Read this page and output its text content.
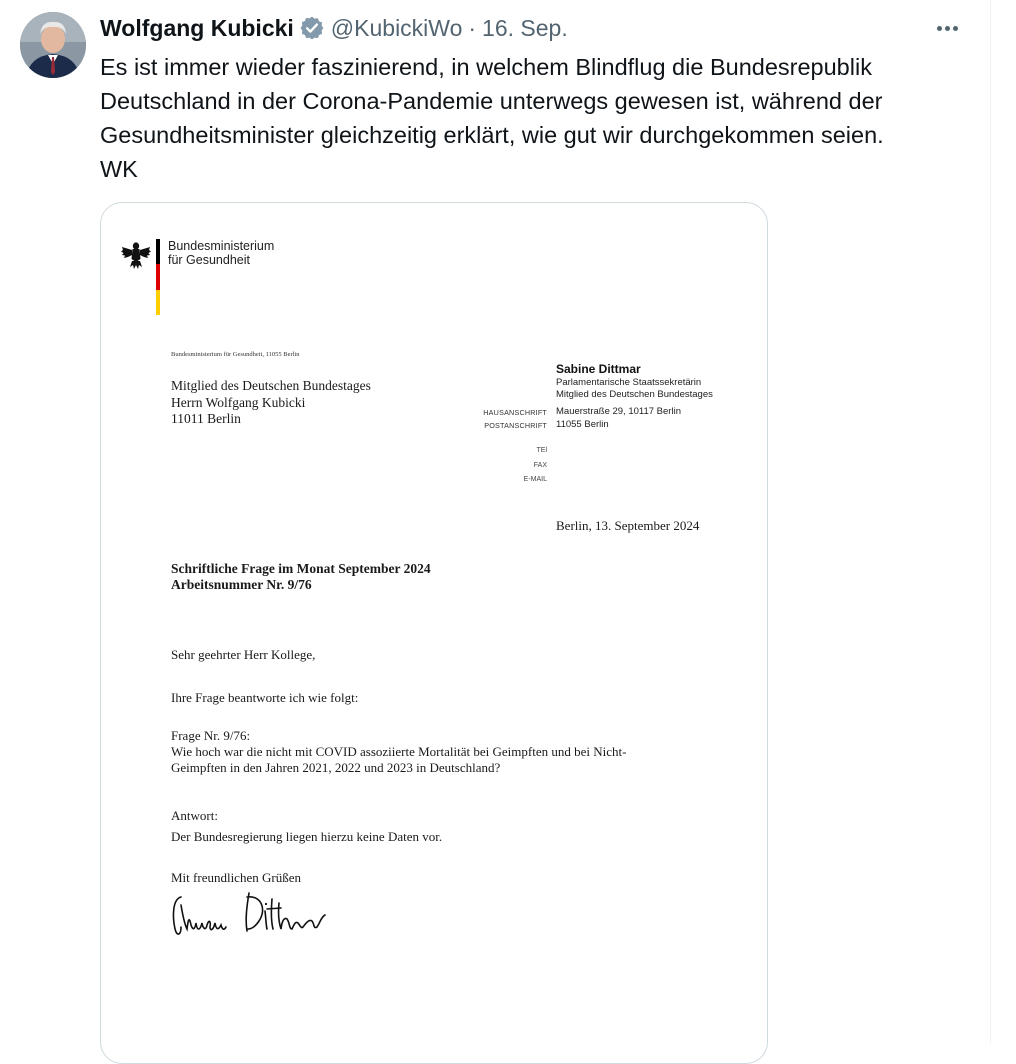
Wolfgang Kubicki @KubickiWo · 16. Sep.

Es ist immer wieder faszinierend, in welchem Blindflug die Bundesrepublik

Deutschland in der Corona-Pandemie unterwegs gewesen ist, während der

Gesundheitsminister gleichzeitig erklärt, wie gut wir durchgekommen seien.

WK

Bundesministerium
für Gesundheit
Bundesministerium für Gesundheit, 11055 Berlin
Mitglied des Deutschen Bundestages
Herrn Wolfgang Kubicki
11011 Berlin
Sabine Dittmar
Parlamentarische Staatssekretärin
Mitglied des Deutschen Bundestages
HAUSANSCHRIFT
POSTANSCHRIFT
Mauerstraße 29, 10117 Berlin
11055 Berlin
TEl
FAX
E-MAIL
Berlin, 13. September 2024
Schriftliche Frage im Monat September 2024
Arbeitsnummer Nr. 9/76
Sehr geehrter Herr Kollege,
Ihre Frage beantworte ich wie folgt:
Frage Nr. 9/76:
Wie hoch war die nicht mit COVID assoziierte Mortalität bei Geimpften und bei Nicht-
Geimpften in den Jahren 2021, 2022 und 2023 in Deutschland?
Antwort:
Der Bundesregierung liegen hierzu keine Daten vor.
Mit freundlichen Grüßen
